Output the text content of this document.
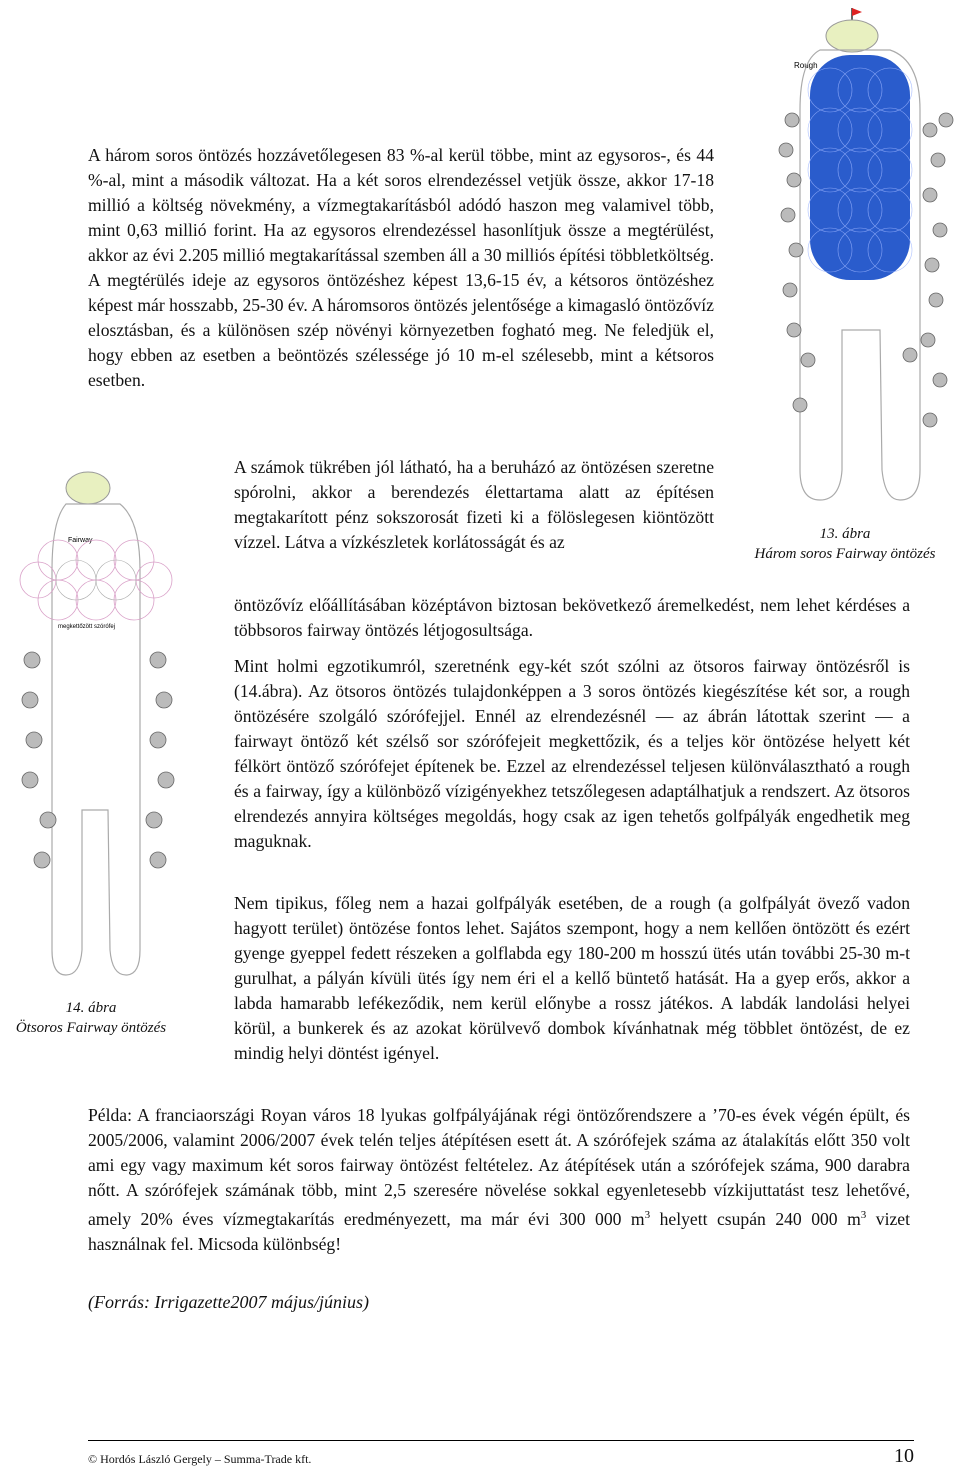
Rough

13. ábra
Három soros Fairway öntözés

Fairway
megkettőzött szórófej

14. ábra
Ötsoros Fairway öntözés

A három soros öntözés hozzávetőlegesen 83 %-al kerül többe, mint az egysoros-, és 44 %-al, mint a második változat. Ha a két soros elrendezéssel vetjük össze, akkor 17-18 millió a költség növekmény, a vízmegtakarításból adódó haszon meg valamivel több, mint 0,63 millió forint. Ha az egysoros elrendezéssel hasonlítjuk össze a megtérülést, akkor az évi 2.205 millió megtakarítással szemben áll a 30 milliós építési többletköltség. A megtérülés ideje az egysoros öntözéshez képest 13,6-15 év, a kétsoros öntözéshez képest már hosszabb, 25-30 év. A háromsoros öntözés jelentősége a kimagasló öntözővíz elosztásban, és a különösen szép növényi környezetben fogható meg. Ne feledjük el, hogy ebben az esetben a beöntözés szélessége jó 10 m-el szélesebb, mint a kétsoros esetben.

A számok tükrében jól látható, ha a beruházó az öntözésen szeretne spórolni, akkor a berendezés élettartama alatt az építésen megtakarított pénz sokszorosát fizeti ki a fölöslegesen kiöntözött vízzel. Látva a vízkészletek korlátosságát és az

öntözővíz előállításában középtávon biztosan bekövetkező áremelkedést, nem lehet kérdéses a többsoros fairway öntözés létjogosultsága.

Mint holmi egzotikumról, szeretnénk egy-két szót szólni az ötsoros fairway öntözésről is (14.ábra). Az ötsoros öntözés tulajdonképpen a 3 soros öntözés kiegészítése két sor, a rough öntözésére szolgáló szórófejjel. Ennél az elrendezésnél ― az ábrán látottak szerint ― a fairwayt öntöző két szélső sor szórófejeit megkettőzik, és a teljes kör öntözése helyett két félkört öntöző szórófejet építenek be. Ezzel az elrendezéssel teljesen különválasztható a rough és a fairway, így a különböző vízigényekhez tetszőlegesen adaptálhatjuk a rendszert. Az ötsoros elrendezés annyira költséges megoldás, hogy csak az igen tehetős golfpályák engedhetik meg maguknak.

Nem tipikus, főleg nem a hazai golfpályák esetében, de a rough (a golfpályát övező vadon hagyott terület) öntözése fontos lehet. Sajátos szempont, hogy a nem kellően öntözött és ezért gyenge gyeppel fedett részeken a golflabda egy 180-200 m hosszú ütés után további 25-30 m-t gurulhat, a pályán kívüli ütés így nem éri el a kellő büntető hatását. Ha a gyep erős, akkor a labda hamarabb lefékeződik, nem kerül előnybe a rossz játékos. A labdák landolási helyei körül, a bunkerek és az azokat körülvevő dombok kívánhatnak még többlet öntözést, de ez mindig helyi döntést igényel.

Példa: A franciaországi Royan város 18 lyukas golfpályájának régi öntözőrendszere a ’70-es évek végén épült, és 2005/2006, valamint 2006/2007 évek telén teljes átépítésen esett át. A szórófejek száma az átalakítás előtt 350 volt ami egy vagy maximum két soros fairway öntözést feltételez. Az átépítések után a szórófejek száma, 900 darabra nőtt. A szórófejek számának több, mint 2,5 szeresére növelése sokkal egyenletesebb vízkijuttatást tesz lehetővé, amely 20% éves vízmegtakarítás eredményezett, ma már évi 300 000 $m^3$ helyett csupán 240 000 $m^3$ vizet használnak fel. Micsoda különbség!

(Forrás: Irrigazette2007 május/június)

© Hordós László Gergely – Summa-Trade kft.	10
